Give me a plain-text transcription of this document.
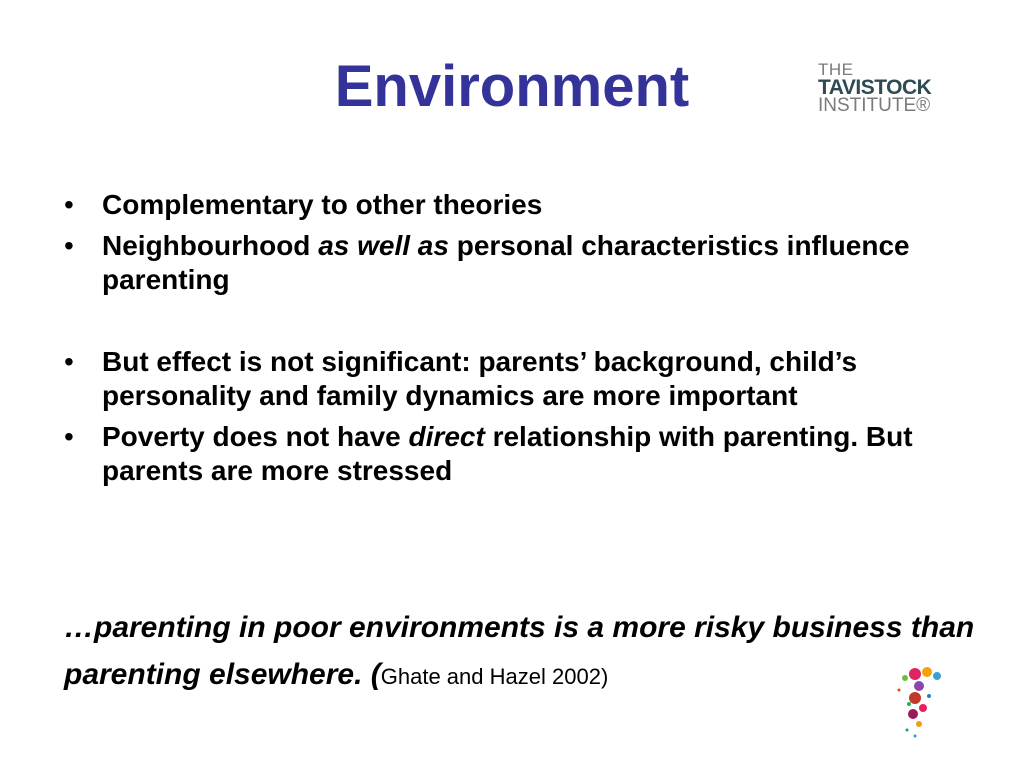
Environment	THE
TAVISTOCK
INSTITUTE®
• Complementary to other theories
• Neighbourhood as well as personal characteristics influence parenting
• But effect is not significant: parents’ background, child’s personality and family dynamics are more important
• Poverty does not have direct relationship with parenting. But parents are more stressed
…parenting in poor environments is a more risky business than parenting elsewhere. (Ghate and Hazel 2002)
